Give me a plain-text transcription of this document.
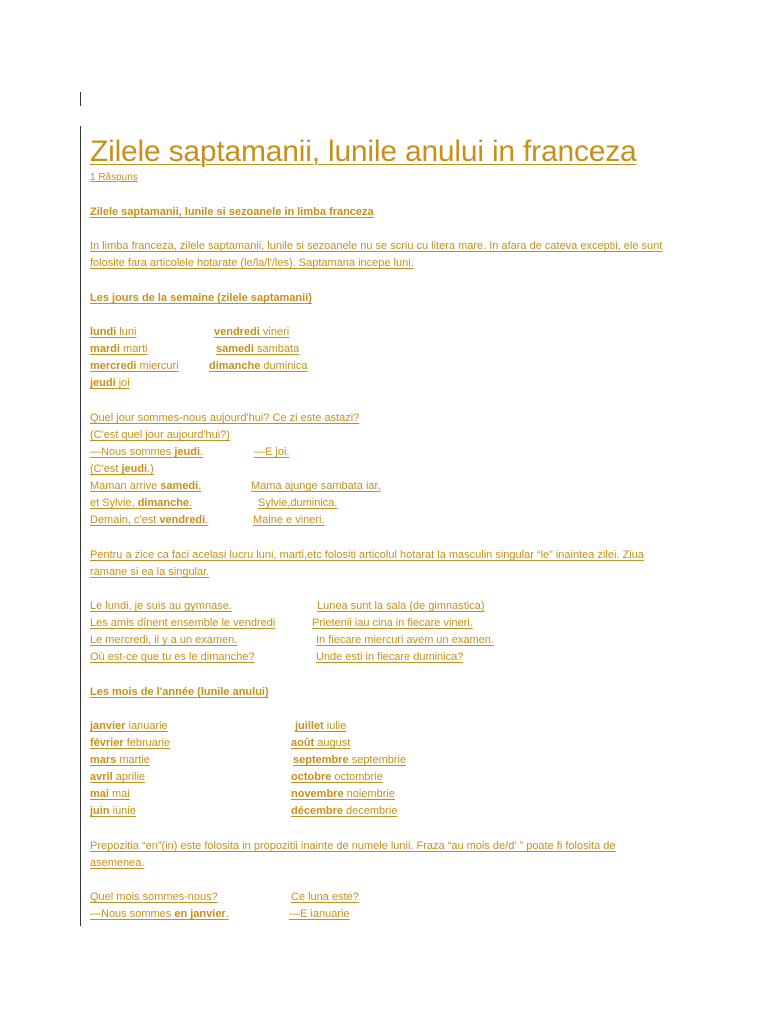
Zilele saptamanii, lunile anului in franceza
1 Răspuns
Zilele saptamanii, lunile si sezoanele in limba franceza
In limba franceza, zilele saptamanii, lunile si sezoanele nu se scriu cu litera mare. In afara de cateva exceptii, ele sunt
folosite fara articolele hotarate (le/la/l'/les). Saptamana incepe luni.
Les jours de la semaine (zilele saptamanii)
lundi luni	vendredi vineri
mardi marti	samedi sambata
mercredi miercuri	dimanche duminica
jeudi joi
Quel jour sommes-nous aujourd'hui? Ce zi este astazi?
(C'est quel jour aujourd'hui?)
—Nous sommes jeudi.	—E joi.
(C'est jeudi.)
Maman arrive samedi,	Mama ajunge sambata iar,
et Sylvie, dimanche.	Sylvie,duminica.
Demain, c'est vendredi.	Maine e vineri.
Pentru a zice ca faci acelasi lucru luni, marti,etc folositi articolul hotarat la masculin singular “le” inaintea zilei. Ziua
ramane si ea la singular.
Le lundi, je suis au gymnase.	Lunea sunt la sala (de gimnastica)
Les amis dînent ensemble le vendredi	Prietenii iau cina in fiecare vineri.
Le mercredi, il y a un examen.	In fiecare miercuri avem un examen.
Où est-ce que tu es le dimanche?	Unde esti in fiecare duminica?
Les mois de l'année (lunile anului)
janvier ianuarie	juillet iulie
février februarie	août august
mars martie	septembre septembrie
avril aprilie	octobre octombrie
mai mai	novembre noiembrie
juin iunie	décembre decembrie
Prepozitia “en”(in) este folosita in propozitii inainte de numele lunii. Fraza “au mois de/d' ” poate fi folosita de
asemenea.
Quel mois sommes-nous?	Ce luna este?
—Nous sommes en janvier.	—E ianuarie
